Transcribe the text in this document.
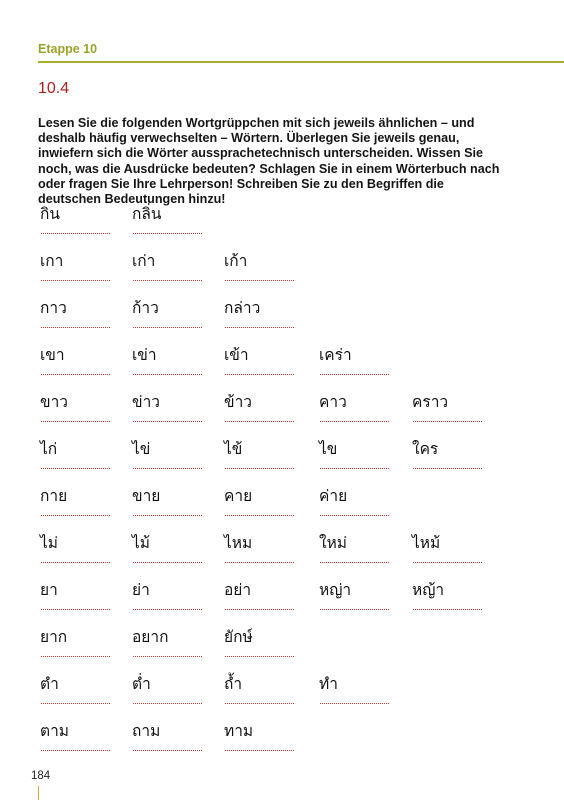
Etappe 10
10.4
Lesen Sie die folgenden Wortgrüppchen mit sich jeweils ähnlichen – und deshalb häufig verwechselten – Wörtern. Überlegen Sie jeweils genau, inwiefern sich die Wörter aussprachetechnisch unterscheiden. Wissen Sie noch, was die Ausdrücke bedeuten? Schlagen Sie in einem Wörterbuch nach oder fragen Sie Ihre Lehrperson! Schreiben Sie zu den Begriffen die deutschen Bedeutungen hinzu!
กิน	กลิ่น
เกา	เก่า	เก้า
กาว	ก้าว	กล่าว
เขา	เข่า	เข้า	เคร่า
ขาว	ข่าว	ข้าว	คาว	คราว
ไก่	ไข่	ไข้	ไข	ใคร
กาย	ขาย	คาย	ค่าย
ไม่	ไม้	ไหม	ใหม่	ไหม้
ยา	ย่า	อย่า	หญ่า	หญ้า
ยาก	อยาก	ยักษ์
ตำ	ต่ำ	ถ้ำ	ทำ
ตาม	ถาม	ทาม
184
